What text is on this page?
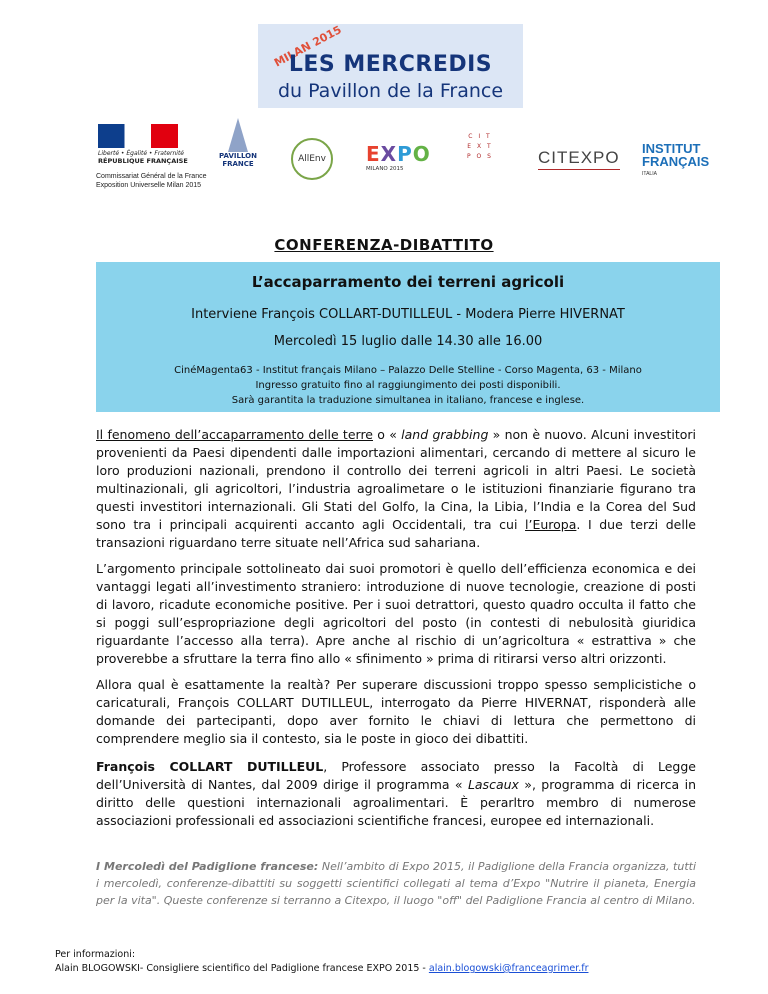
MILAN 2015
LES MERCREDIS
du Pavillon de la France
Liberté • Égalité • Fraternité
RÉPUBLIQUE FRANÇAISE
PAVILLON
FRANCE	AllEnv	EXPO
MILANO 2015
C I T
E X T
P O S	CITEXPO INSTITUT
FRANÇAIS
ITALIA
Commissariat Général de la France
Exposition Universelle Milan 2015
CONFERENZA-DIBATTITO
L’accaparramento dei terreni agricoli
Interviene François COLLART-DUTILLEUL - Modera Pierre HIVERNAT
Mercoledì 15 luglio dalle 14.30 alle 16.00
CinéMagenta63 - Institut français Milano – Palazzo Delle Stelline - Corso Magenta, 63 - Milano
Ingresso gratuito fino al raggiungimento dei posti disponibili.
Sarà garantita la traduzione simultanea in italiano, francese e inglese.
Il fenomeno dell’accaparramento delle terre o « land grabbing » non è nuovo. Alcuni investitori provenienti da Paesi dipendenti dalle importazioni alimentari, cercando di mettere al sicuro le loro produzioni nazionali, prendono il controllo dei terreni agricoli in altri Paesi. Le società multinazionali, gli agricoltori, l’industria agroalimetare o le istituzioni finanziarie figurano tra questi investitori internazionali. Gli Stati del Golfo, la Cina, la Libia, l’India e la Corea del Sud sono tra i principali acquirenti accanto agli Occidentali, tra cui l’Europa. I due terzi delle transazioni riguardano terre situate nell’Africa sud sahariana.
L’argomento principale sottolineato dai suoi promotori è quello dell’efficienza economica e dei vantaggi legati all’investimento straniero: introduzione di nuove tecnologie, creazione di posti di lavoro, ricadute economiche positive. Per i suoi detrattori, questo quadro occulta il fatto che si poggi sull’espropriazione degli agricoltori del posto (in contesti di nebulosità giuridica riguardante l’accesso alla terra). Apre anche al rischio di un’agricoltura « estrattiva » che proverebbe a sfruttare la terra fino allo « sfinimento » prima di ritirarsi verso altri orizzonti.
Allora qual è esattamente la realtà? Per superare discussioni troppo spesso semplicistiche o caricaturali, François COLLART DUTILLEUL, interrogato da Pierre HIVERNAT, risponderà alle domande dei partecipanti, dopo aver fornito le chiavi di lettura che permettono di comprendere meglio sia il contesto, sia le poste in gioco dei dibattiti.
François COLLART DUTILLEUL, Professore associato presso la Facoltà di Legge dell’Università di Nantes, dal 2009 dirige il programma « Lascaux », programma di ricerca in diritto delle questioni internazionali agroalimentari. È perarltro membro di numerose associazioni professionali ed associazioni scientifiche francesi, europee ed internazionali.
I Mercoledì del Padiglione francese: Nell’ambito di Expo 2015, il Padiglione della Francia organizza, tutti i mercoledì, conferenze-dibattiti su soggetti scientifici collegati al tema d’Expo "Nutrire il pianeta, Energia per la vita". Queste conferenze si terranno a Citexpo, il luogo "off" del Padiglione Francia al centro di Milano.
Per informazioni:
Alain BLOGOWSKI- Consigliere scientifico del Padiglione francese EXPO 2015 - alain.blogowski@franceagrimer.fr
